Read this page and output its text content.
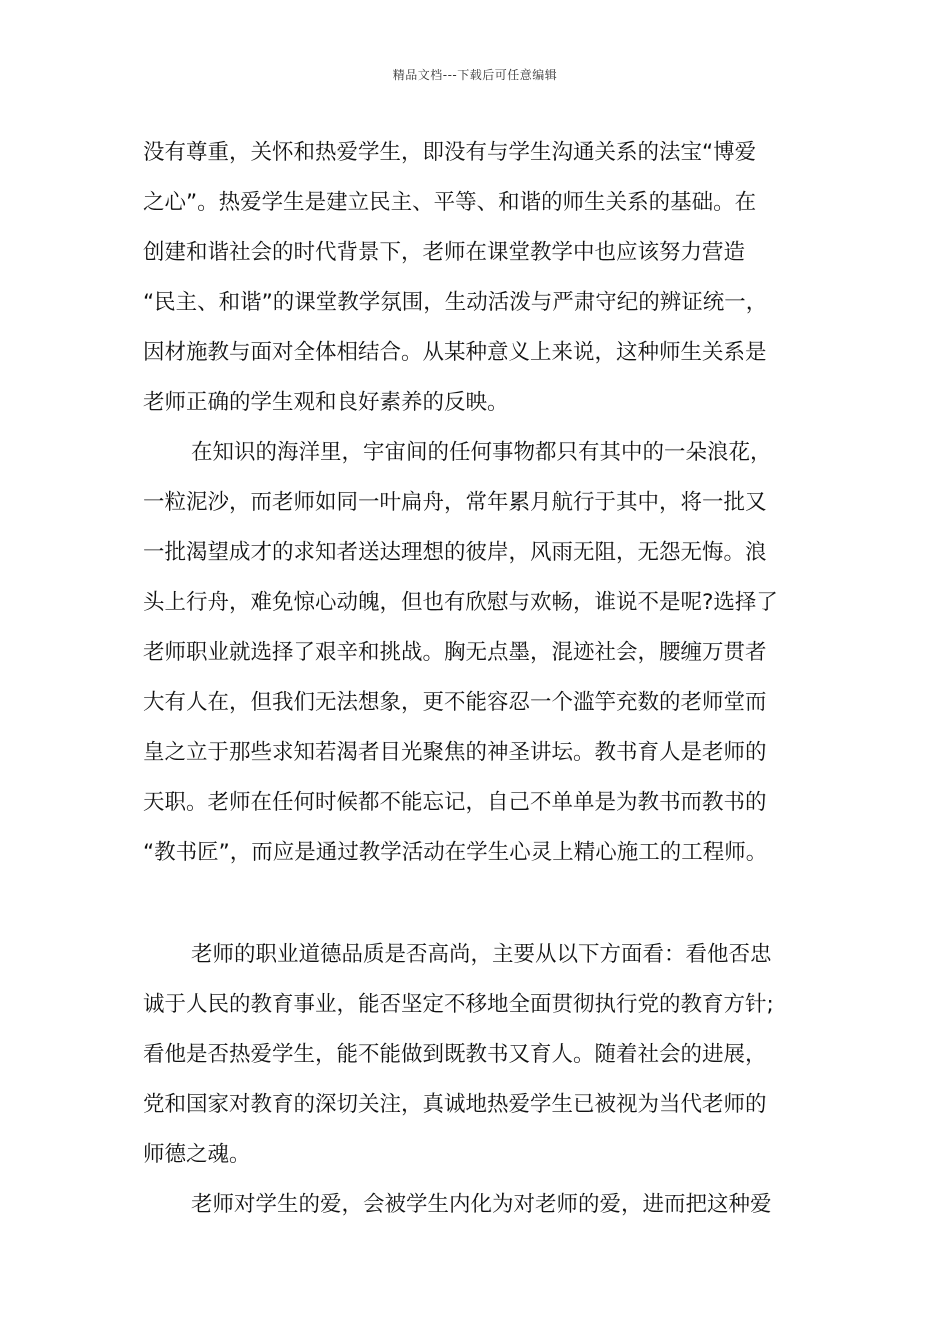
精品文档---下载后可任意编辑
没有尊重，关怀和热爱学生，即没有与学生沟通关系的法宝“博爱
之心”。热爱学生是建立民主、平等、和谐的师生关系的基础。在
创建和谐社会的时代背景下，老师在课堂教学中也应该努力营造
“民主、和谐”的课堂教学氛围，生动活泼与严肃守纪的辨证统一，
因材施教与面对全体相结合。从某种意义上来说，这种师生关系是
老师正确的学生观和良好素养的反映。
在知识的海洋里，宇宙间的任何事物都只有其中的一朵浪花，
一粒泥沙，而老师如同一叶扁舟，常年累月航行于其中，将一批又
一批渴望成才的求知者送达理想的彼岸，风雨无阻，无怨无悔。浪
头上行舟，难免惊心动魄，但也有欣慰与欢畅，谁说不是呢?选择了
老师职业就选择了艰辛和挑战。胸无点墨，混迹社会，腰缠万贯者
大有人在，但我们无法想象，更不能容忍一个滥竽充数的老师堂而
皇之立于那些求知若渴者目光聚焦的神圣讲坛。教书育人是老师的
天职。老师在任何时候都不能忘记，自己不单单是为教书而教书的
“教书匠”，而应是通过教学活动在学生心灵上精心施工的工程师。
老师的职业道德品质是否高尚，主要从以下方面看：看他否忠
诚于人民的教育事业，能否坚定不移地全面贯彻执行党的教育方针;
看他是否热爱学生，能不能做到既教书又育人。随着社会的进展，
党和国家对教育的深切关注，真诚地热爱学生已被视为当代老师的
师德之魂。
老师对学生的爱，会被学生内化为对老师的爱，进而把这种爱
